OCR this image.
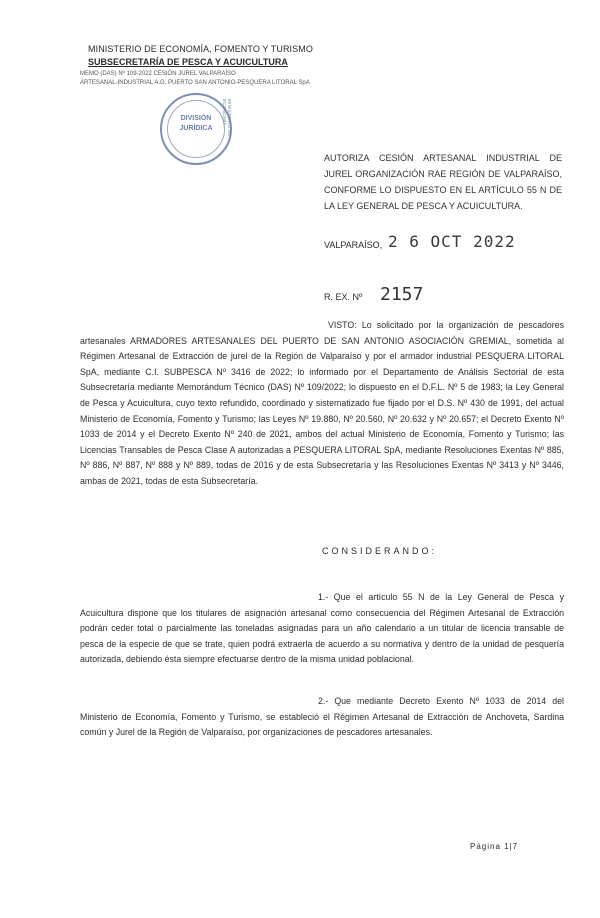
MINISTERIO DE ECONOMÍA, FOMENTO Y TURISMO
SUBSECRETARÍA DE PESCA Y ACUICULTURA
MEMO (DAS) Nº 109-2022 CESIÓN JUREL VALPARAÍSO
ARTESANAL-INDUSTRIAL A.G. PUERTO SAN ANTONIO-PESQUERA LITORAL SpA
DIVISIÓN
JURÍDICA	MINISTERIO DE ECONOMÍA
AUTORIZA CESIÓN ARTESANAL INDUSTRIAL DE JUREL ORGANIZACIÓN RAE REGIÓN DE VALPARAÍSO, CONFORME LO DISPUESTO EN EL ARTÍCULO 55 N DE LA LEY GENERAL DE PESCA Y ACUICULTURA.
VALPARAÍSO, 2 6 OCT 2022
R. EX. Nº 2157
VISTO: Lo solicitado por la organización de pescadores artesanales ARMADORES ARTESANALES DEL PUERTO DE SAN ANTONIO ASOCIACIÓN GREMIAL, sometida al Régimen Artesanal de Extracción de jurel de la Región de Valparaíso y por el armador industrial PESQUERA LITORAL SpA, mediante C.I. SUBPESCA Nº 3416 de 2022; lo informado por el Departamento de Análisis Sectorial de esta Subsecretaría mediante Memorándum Técnico (DAS) Nº 109/2022; lo dispuesto en el D.F.L. Nº 5 de 1983; la Ley General de Pesca y Acuicultura, cuyo texto refundido, coordinado y sistematizado fue fijado por el D.S. Nº 430 de 1991, del actual Ministerio de Economía, Fomento y Turismo; las Leyes Nº 19.880, Nº 20.560, Nº 20.632 y Nº 20.657; el Decreto Exento Nº 1033 de 2014 y el Decreto Exento Nº 240 de 2021, ambos del actual Ministerio de Economía, Fomento y Turismo; las Licencias Transables de Pesca Clase A autorizadas a PESQUERA LITORAL SpA, mediante Resoluciones Exentas Nº 885, Nº 886, Nº 887, Nº 888 y Nº 889, todas de 2016 y de esta Subsecretaría y las Resoluciones Exentas Nº 3413 y Nº 3446, ambas de 2021, todas de esta Subsecretaría.
CONSIDERANDO:
1.- Que el artículo 55 N de la Ley General de Pesca y Acuicultura dispone que los titulares de asignación artesanal como consecuencia del Régimen Artesanal de Extracción podrán ceder total o parcialmente las toneladas asignadas para un año calendario a un titular de licencia transable de pesca de la especie de que se trate, quien podrá extraerla de acuerdo a su normativa y dentro de la unidad de pesquería autorizada, debiendo ésta siempre efectuarse dentro de la misma unidad poblacional.
2.- Que mediante Decreto Exento Nº 1033 de 2014 del Ministerio de Economía, Fomento y Turismo, se estableció el Régimen Artesanal de Extracción de Anchoveta, Sardina común y Jurel de la Región de Valparaíso, por organizaciones de pescadores artesanales.
Página 1|7
